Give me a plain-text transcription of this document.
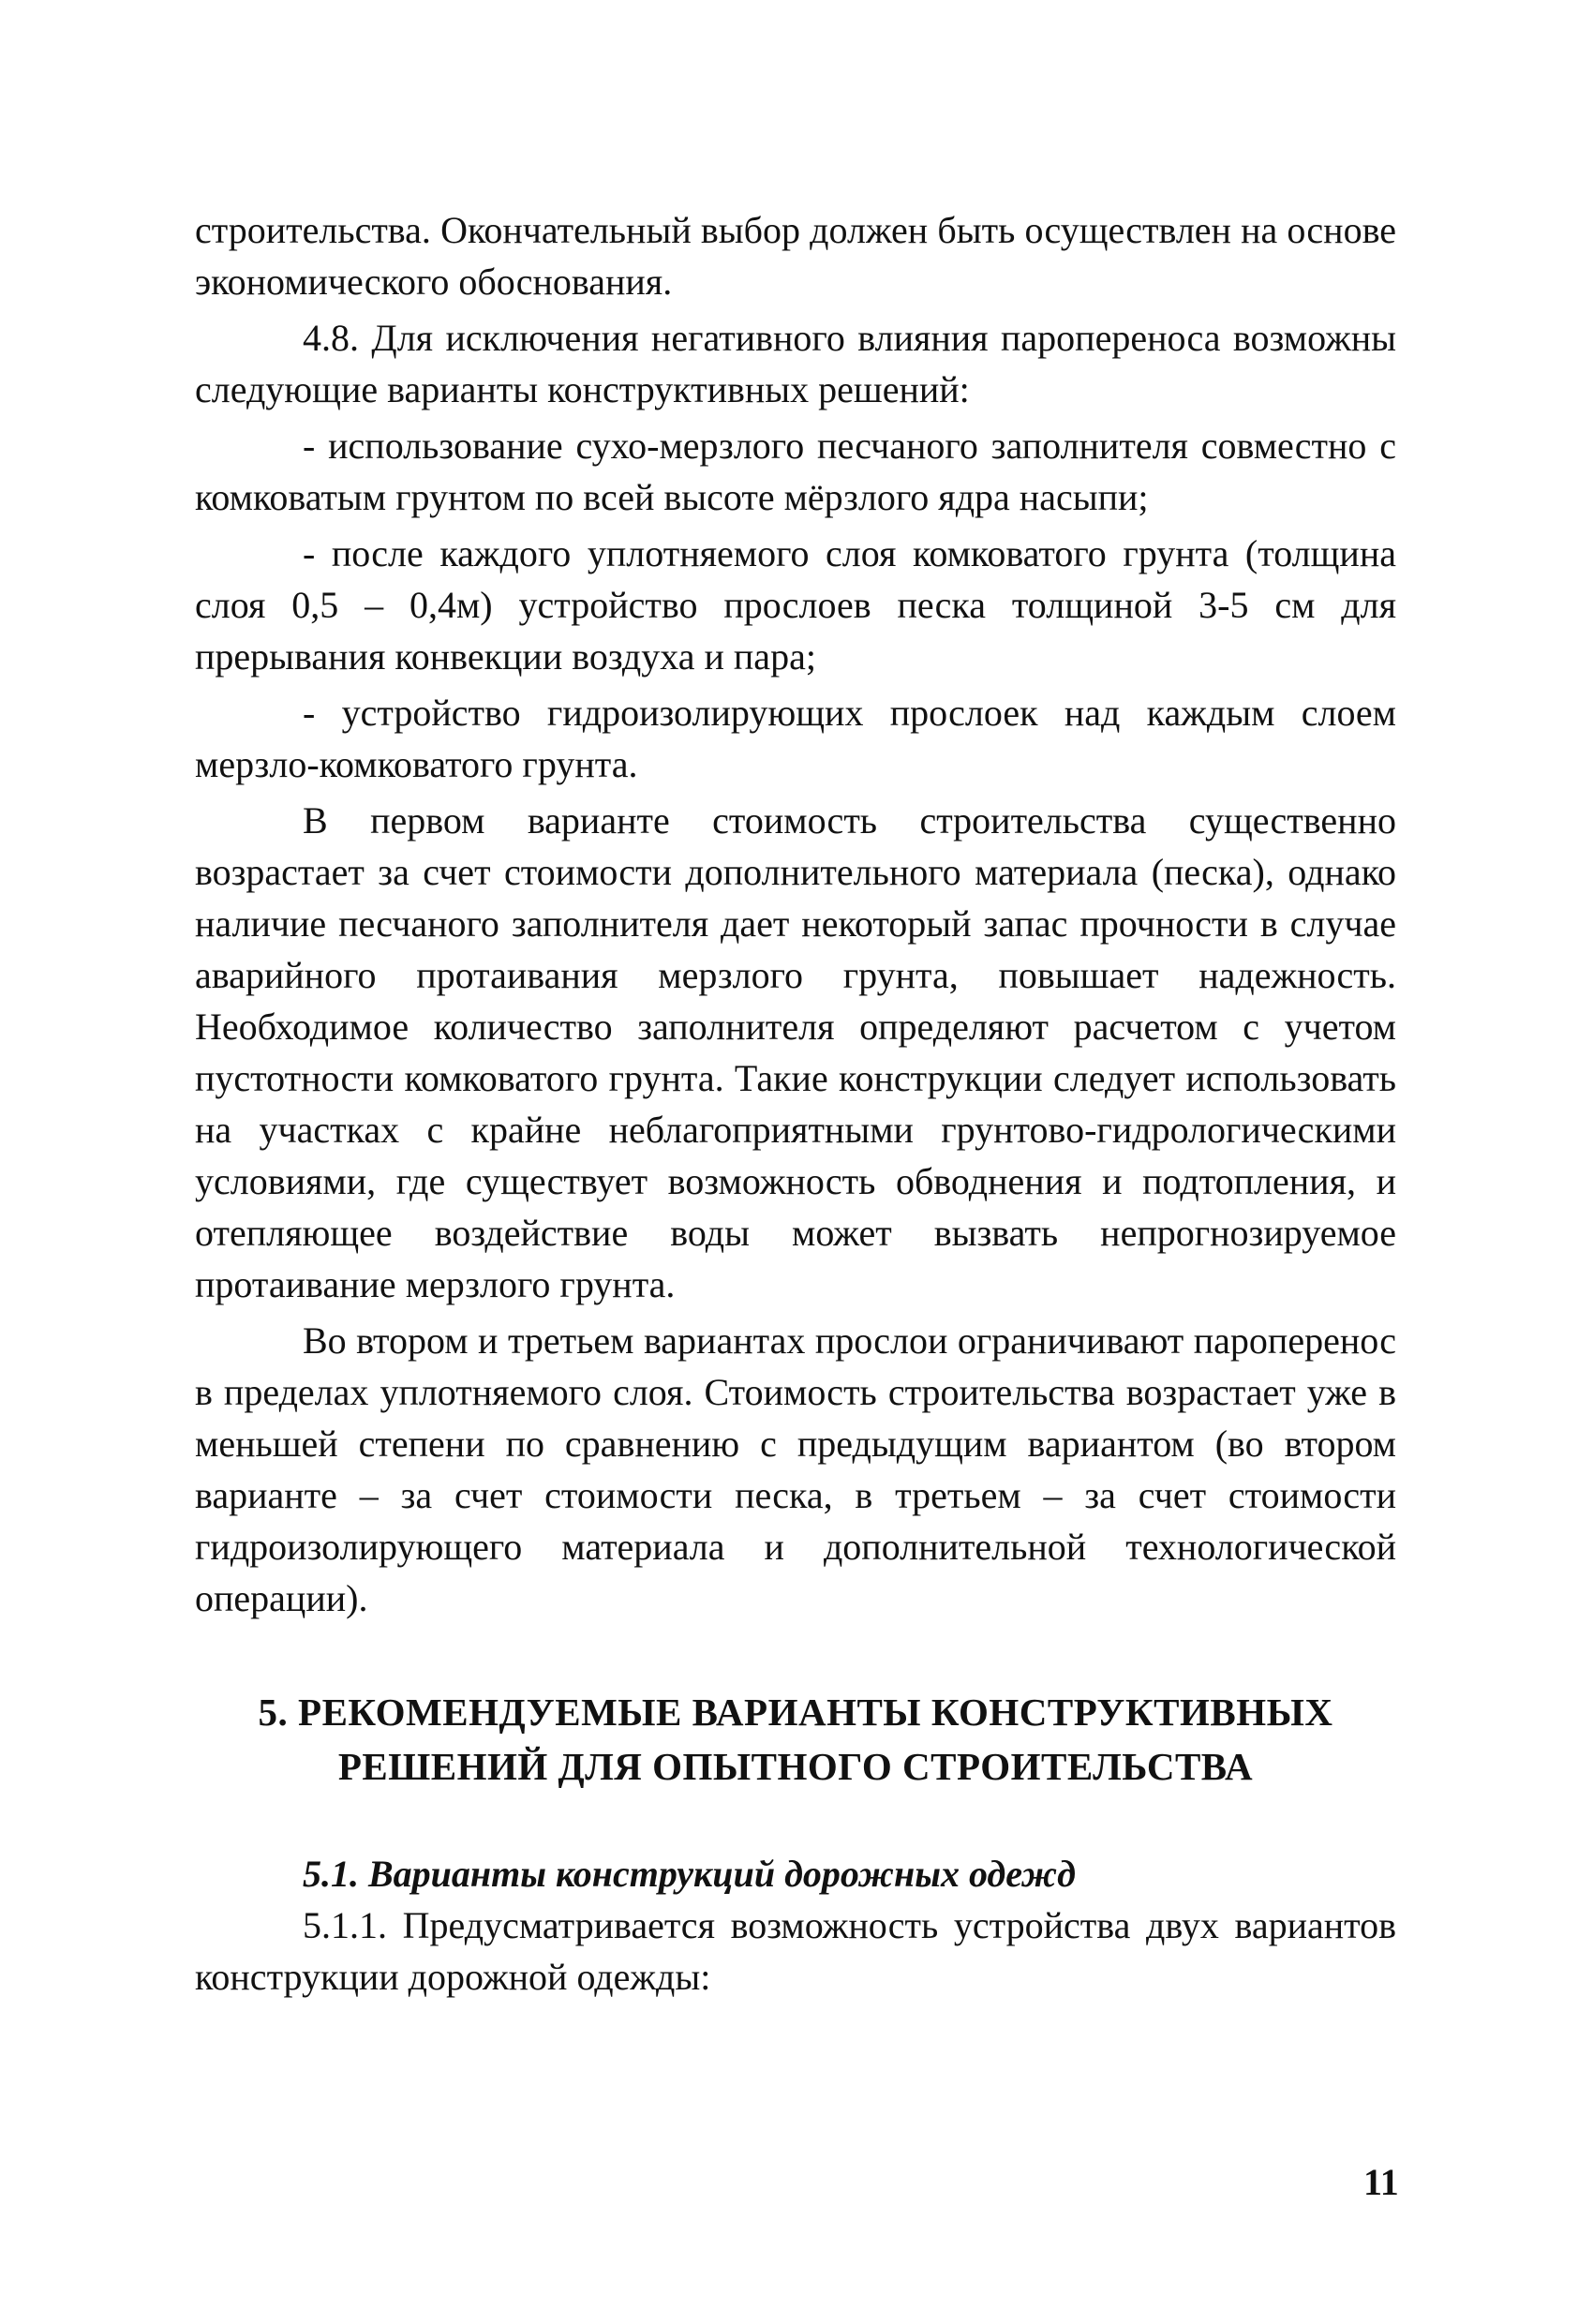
строительства. Окончательный выбор должен быть осуществлен на основе экономического обоснования.

4.8. Для исключения негативного влияния паропереноса возможны следующие варианты конструктивных решений:

- использование сухо-мерзлого песчаного заполнителя совместно с комковатым грунтом по всей высоте мёрзлого ядра насыпи;

- после каждого уплотняемого слоя комковатого грунта (толщина слоя 0,5 – 0,4м) устройство прослоев песка толщиной 3-5 см для прерывания конвекции воздуха и пара;

- устройство гидроизолирующих прослоек над каждым слоем мерзло-комковатого грунта.

В первом варианте стоимость строительства существенно возрастает за счет стоимости дополнительного материала (песка), однако наличие песчаного заполнителя дает некоторый запас прочности в случае аварийного протаивания мерзлого грунта, повышает надежность. Необходимое количество заполнителя определяют расчетом с учетом пустотности комковатого грунта. Такие конструкции следует использовать на участках с крайне неблагоприятными грунтово-гидрологическими условиями, где существует возможность обводнения и подтопления, и отепляющее воздействие воды может вызвать непрогнозируемое протаивание мерзлого грунта.

Во втором и третьем вариантах прослои ограничивают паропеpенос в пределах уплотняемого слоя. Стоимость строительства возрастает уже в меньшей степени по сравнению с предыдущим вариантом (во втором варианте – за счет стоимости песка, в третьем – за счет стоимости гидроизолирующего материала и дополнительной технологической операции).

5. РЕКОМЕНДУЕМЫЕ ВАРИАНТЫ КОНСТРУКТИВНЫХ
РЕШЕНИЙ ДЛЯ ОПЫТНОГО СТРОИТЕЛЬСТВА

5.1. Варианты конструкций дорожных одежд

5.1.1. Предусматривается возможность устройства двух вариантов конструкции дорожной одежды:

11
